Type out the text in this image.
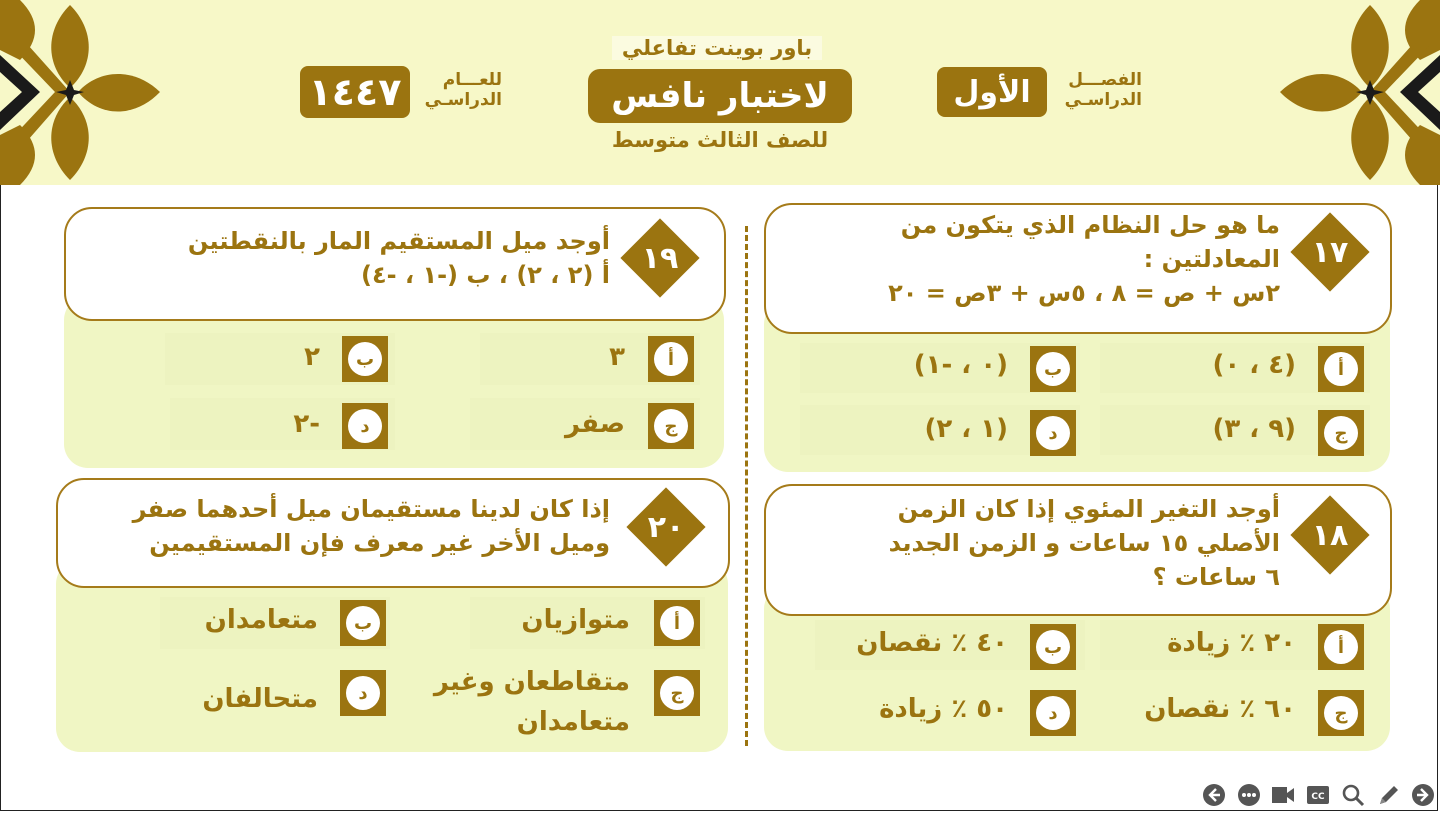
باور بوينت تفاعلي
لاختبار نافس
للصف الثالث متوسط
الفصـــل
الدراسـي
الأول
للعـــام
الدراسـي
١٤٤٧
١٧
ما هو حل النظام الذي يتكون من
المعادلتين :
٢س + ص = ٨ ، ٥س + ٣ص = ٢٠
أ
(٤ ، ٠)
ب
(٠ ، -١)
ج
(٩ ، ٣)
د
(١ ، ٢)
١٨
أوجد التغير المئوي إذا كان الزمن
الأصلي ١٥ ساعات و الزمن الجديد
٦ ساعات ؟
أ
٢٠ ٪ زيادة
ب
٤٠ ٪ نقصان
ج
٦٠ ٪ نقصان
د
٥٠ ٪ زيادة
١٩
أوجد ميل المستقيم المار بالنقطتين
أ (٢ ، ٢) ، ب (-١ ، -٤)
أ
٣
ب
٢
ج
صفر
د
-٢
٢٠
إذا كان لدينا مستقيمان ميل أحدهما صفر
وميل الأخر غير معرف فإن المستقيمين
أ
متوازيان
ب
متعامدان
ج
متقاطعان وغير
متعامدان
د
متحالفان
CC
